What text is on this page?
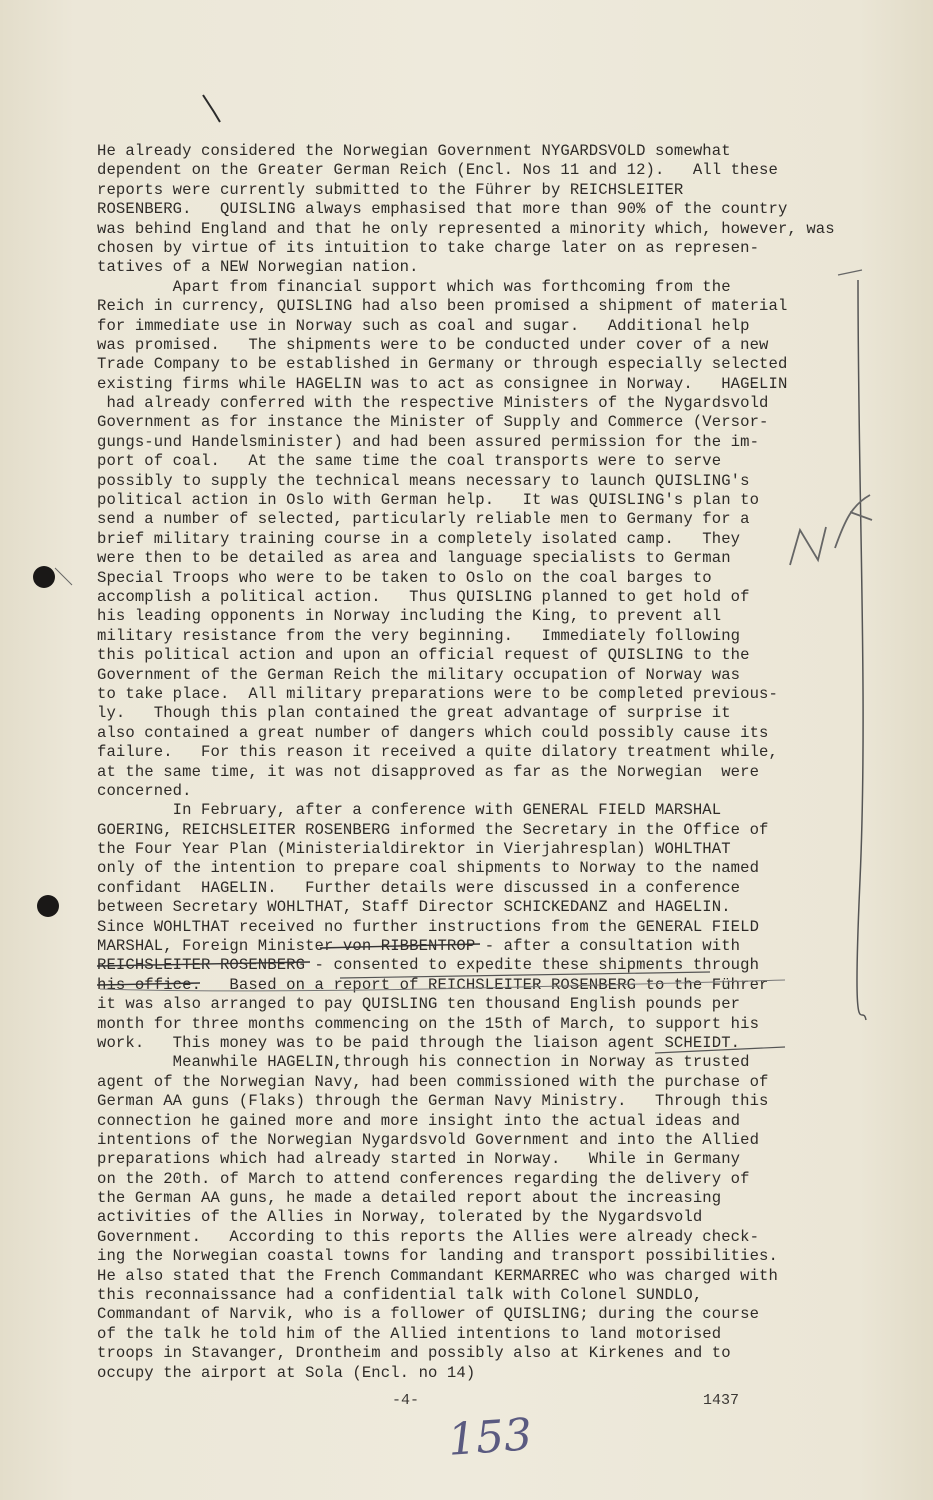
He already considered the Norwegian Government NYGARDSVOLD somewhat
dependent on the Greater German Reich (Encl. Nos 11 and 12).   All these
reports were currently submitted to the Führer by REICHSLEITER
ROSENBERG.   QUISLING always emphasised that more than 90% of the country
was behind England and that he only represented a minority which, however, was
chosen by virtue of its intuition to take charge later on as represen-
tatives of a NEW Norwegian nation.
Apart from financial support which was forthcoming from the
Reich in currency, QUISLING had also been promised a shipment of material
for immediate use in Norway such as coal and sugar.   Additional help
was promised.   The shipments were to be conducted under cover of a new
Trade Company to be established in Germany or through especially selected
existing firms while HAGELIN was to act as consignee in Norway.   HAGELIN
had already conferred with the respective Ministers of the Nygardsvold
Government as for instance the Minister of Supply and Commerce (Versor-
gungs-und Handelsminister) and had been assured permission for the im-
port of coal.   At the same time the coal transports were to serve
possibly to supply the technical means necessary to launch QUISLING's
political action in Oslo with German help.   It was QUISLING's plan to
send a number of selected, particularly reliable men to Germany for a
brief military training course in a completely isolated camp.   They
were then to be detailed as area and language specialists to German
Special Troops who were to be taken to Oslo on the coal barges to
accomplish a political action.   Thus QUISLING planned to get hold of
his leading opponents in Norway including the King, to prevent all
military resistance from the very beginning.   Immediately following
this political action and upon an official request of QUISLING to the
Government of the German Reich the military occupation of Norway was
to take place.  All military preparations were to be completed previous-
ly.   Though this plan contained the great advantage of surprise it
also contained a great number of dangers which could possibly cause its
failure.   For this reason it received a quite dilatory treatment while,
at the same time, it was not disapproved as far as the Norwegian  were
concerned.
In February, after a conference with GENERAL FIELD MARSHAL
GOERING, REICHSLEITER ROSENBERG informed the Secretary in the Office of
the Four Year Plan (Ministerialdirektor in Vierjahresplan) WOHLTHAT
only of the intention to prepare coal shipments to Norway to the named
confidant  HAGELIN.   Further details were discussed in a conference
between Secretary WOHLTHAT, Staff Director SCHICKEDANZ and HAGELIN.
Since WOHLTHAT received no further instructions from the GENERAL FIELD
MARSHAL, Foreign Minister von RIBBENTROP - after a consultation with
REICHSLEITER ROSENBERG - consented to expedite these shipments through
his office.   Based on a report of REICHSLEITER ROSENBERG to the Führer
it was also arranged to pay QUISLING ten thousand English pounds per
month for three months commencing on the 15th of March, to support his
work.   This money was to be paid through the liaison agent SCHEIDT.
Meanwhile HAGELIN,through his connection in Norway as trusted
agent of the Norwegian Navy, had been commissioned with the purchase of
German AA guns (Flaks) through the German Navy Ministry.   Through this
connection he gained more and more insight into the actual ideas and
intentions of the Norwegian Nygardsvold Government and into the Allied
preparations which had already started in Norway.   While in Germany
on the 20th. of March to attend conferences regarding the delivery of
the German AA guns, he made a detailed report about the increasing
activities of the Allies in Norway, tolerated by the Nygardsvold
Government.   According to this reports the Allies were already check-
ing the Norwegian coastal towns for landing and transport possibilities.
He also stated that the French Commandant KERMARREC who was charged with
this reconnaissance had a confidential talk with Colonel SUNDLO,
Commandant of Narvik, who is a follower of QUISLING; during the course
of the talk he told him of the Allied intentions to land motorised
troops in Stavanger, Drontheim and possibly also at Kirkenes and to
occupy the airport at Sola (Encl. no 14)
-4-	1437
153
